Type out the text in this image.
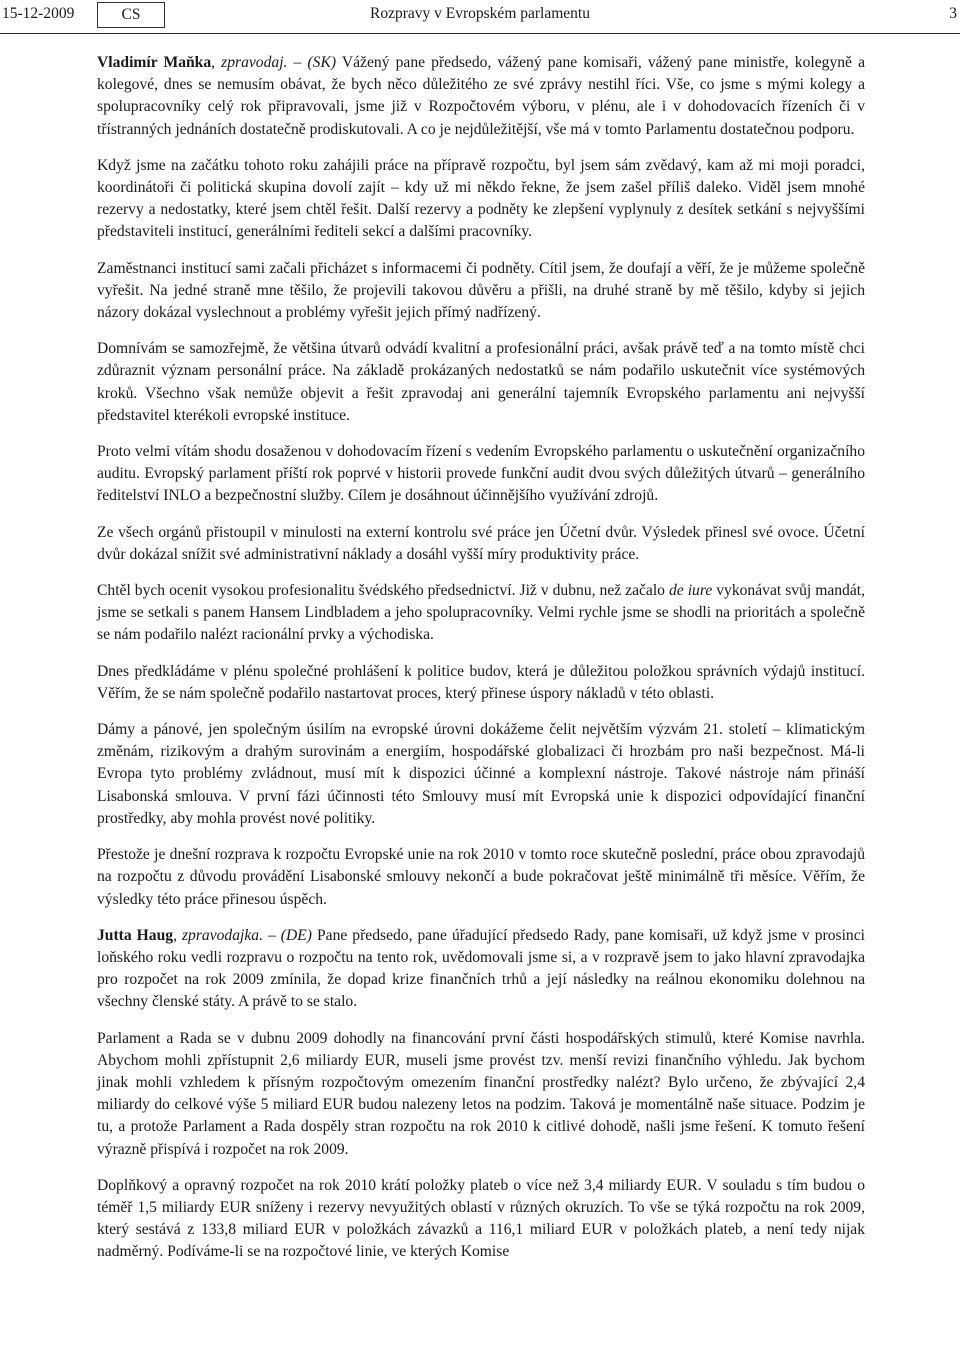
15-12-2009	Rozpravy v Evropském parlamentu
CS	3

Vladimír Maňka, zpravodaj. – (SK) Vážený pane předsedo, vážený pane komisaři, vážený pane ministře, kolegyně a kolegové, dnes se nemusím obávat, že bych něco důležitého ze své zprávy nestihl říci. Vše, co jsme s mými kolegy a spolupracovníky celý rok připravovali, jsme již v Rozpočtovém výboru, v plénu, ale i v dohodovacích řízeních či v třístranných jednáních dostatečně prodiskutovali. A co je nejdůležitější, vše má v tomto Parlamentu dostatečnou podporu.

Když jsme na začátku tohoto roku zahájili práce na přípravě rozpočtu, byl jsem sám zvědavý, kam až mi moji poradci, koordinátoři či politická skupina dovolí zajít – kdy už mi někdo řekne, že jsem zašel příliš daleko. Viděl jsem mnohé rezervy a nedostatky, které jsem chtěl řešit. Další rezervy a podněty ke zlepšení vyplynuly z desítek setkání s nejvyššími představiteli institucí, generálními řediteli sekcí a dalšími pracovníky.

Zaměstnanci institucí sami začali přicházet s informacemi či podněty. Cítil jsem, že doufají a věří, že je můžeme společně vyřešit. Na jedné straně mne těšilo, že projevili takovou důvěru a přišli, na druhé straně by mě těšilo, kdyby si jejich názory dokázal vyslechnout a problémy vyřešit jejich přímý nadřízený.

Domnívám se samozřejmě, že většina útvarů odvádí kvalitní a profesionální práci, avšak právě teď a na tomto místě chci zdůraznit význam personální práce. Na základě prokázaných nedostatků se nám podařilo uskutečnit více systémových kroků. Všechno však nemůže objevit a řešit zpravodaj ani generální tajemník Evropského parlamentu ani nejvyšší představitel kterékoli evropské instituce.

Proto velmi vítám shodu dosaženou v dohodovacím řízení s vedením Evropského parlamentu o uskutečnění organizačního auditu. Evropský parlament příští rok poprvé v historii provede funkční audit dvou svých důležitých útvarů – generálního ředitelství INLO a bezpečnostní služby. Cílem je dosáhnout účinnějšího využívání zdrojů.

Ze všech orgánů přistoupil v minulosti na externí kontrolu své práce jen Účetní dvůr. Výsledek přinesl své ovoce. Účetní dvůr dokázal snížit své administrativní náklady a dosáhl vyšší míry produktivity práce.

Chtěl bych ocenit vysokou profesionalitu švédského předsednictví. Již v dubnu, než začalo de iure vykonávat svůj mandát, jsme se setkali s panem Hansem Lindbladem a jeho spolupracovníky. Velmi rychle jsme se shodli na prioritách a společně se nám podařilo nalézt racionální prvky a východiska.

Dnes předkládáme v plénu společné prohlášení k politice budov, která je důležitou položkou správních výdajů institucí. Věřím, že se nám společně podařilo nastartovat proces, který přinese úspory nákladů v této oblasti.

Dámy a pánové, jen společným úsilím na evropské úrovni dokážeme čelit největším výzvám 21. století – klimatickým změnám, rizikovým a drahým surovinám a energiím, hospodářské globalizaci či hrozbám pro naši bezpečnost. Má-li Evropa tyto problémy zvládnout, musí mít k dispozici účinné a komplexní nástroje. Takové nástroje nám přináší Lisabonská smlouva. V první fázi účinnosti této Smlouvy musí mít Evropská unie k dispozici odpovídající finanční prostředky, aby mohla provést nové politiky.

Přestože je dnešní rozprava k rozpočtu Evropské unie na rok 2010 v tomto roce skutečně poslední, práce obou zpravodajů na rozpočtu z důvodu provádění Lisabonské smlouvy nekončí a bude pokračovat ještě minimálně tři měsíce. Věřím, že výsledky této práce přinesou úspěch.

Jutta Haug, zpravodajka. – (DE) Pane předsedo, pane úřadující předsedo Rady, pane komisaři, už když jsme v prosinci loňského roku vedli rozpravu o rozpočtu na tento rok, uvědomovali jsme si, a v rozpravě jsem to jako hlavní zpravodajka pro rozpočet na rok 2009 zmínila, že dopad krize finančních trhů a její následky na reálnou ekonomiku dolehnou na všechny členské státy. A právě to se stalo.

Parlament a Rada se v dubnu 2009 dohodly na financování první části hospodářských stimulů, které Komise navrhla. Abychom mohli zpřístupnit 2,6 miliardy EUR, museli jsme provést tzv. menší revizi finančního výhledu. Jak bychom jinak mohli vzhledem k přísným rozpočtovým omezením finanční prostředky nalézt? Bylo určeno, že zbývající 2,4 miliardy do celkové výše 5 miliard EUR budou nalezeny letos na podzim. Taková je momentálně naše situace. Podzim je tu, a protože Parlament a Rada dospěly stran rozpočtu na rok 2010 k citlivé dohodě, našli jsme řešení. K tomuto řešení výrazně přispívá i rozpočet na rok 2009.

Doplňkový a opravný rozpočet na rok 2010 krátí položky plateb o více než 3,4 miliardy EUR. V souladu s tím budou o téměř 1,5 miliardy EUR sníženy i rezervy nevyužitých oblastí v různých okruzích. To vše se týká rozpočtu na rok 2009, který sestává z 133,8 miliard EUR v položkách závazků a 116,1 miliard EUR v položkách plateb, a není tedy nijak nadměrný. Podíváme-li se na rozpočtové linie, ve kterých Komise
